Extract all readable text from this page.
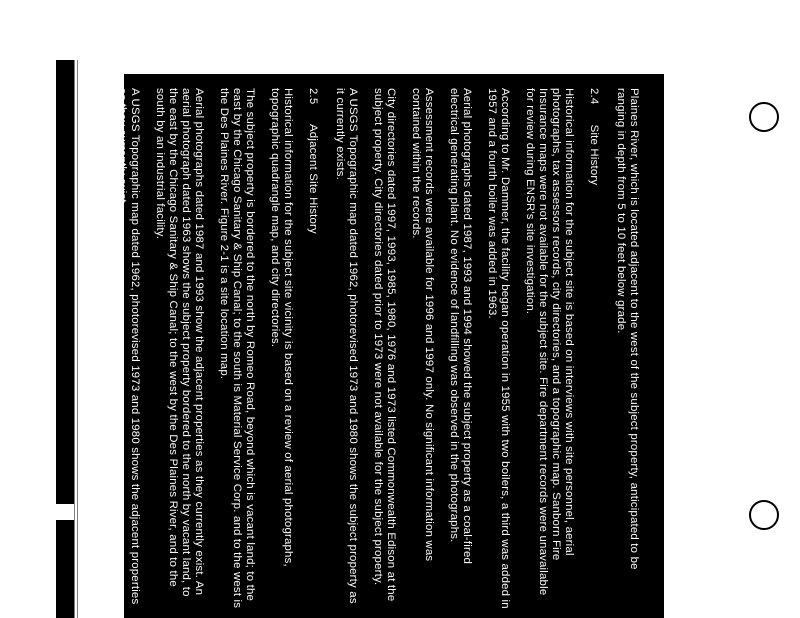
Plaines River, which is located adjacent to the west of the subject property, anticipated to be ranging in depth from 5 to 10 feet below grade.

2.4      Site History

Historical information for the subject site is based on interviews with site personnel, aerial photographs, tax assessors records, city directories, and a topographic map. Sanborn Fire Insurance maps were not available for the subject site. Fire department records were unavailable for review during ENSR's site investigation.

According to Mr. Dammer, the facility began operation in 1955 with two boilers, a third was added in 1957 and a fourth boiler was added in 1963.

Aerial photographs dated 1987, 1993 and 1994 showed the subject property as a coal-fired electrical generating plant. No evidence of landfilling was observed in the photographs.

Assessment records were available for 1996 and 1997 only. No significant information was contained within the records.

City directories dated 1997, 1993, 1985, 1980, 1976 and 1973 listed Commonwealth Edison at the subject property. City directories dated prior to 1973 were not available for the subject property.

A USGS Topographic map dated 1962, photorevised 1973 and 1980 shows the subject property as it currently exists.

2.5      Adjacent Site History

Historical information for the subject site vicinity is based on a review of aerial photographs, topographic quadrangle map, and city directories.

The subject property is bordered to the north by Romeo Road, beyond which is vacant land; to the east by the Chicago Sanitary & Ship Canal; to the south is Material Service Corp. and to the west is the Des Plaines River. Figure 2-1 is a site location map.

Aerial photographs dated 1987 and 1993 show the adjacent properties as they currently exist. An aerial photograph dated 1963 shows the subject property bordered to the north by vacant land, to the east by the Chicago Sanitary & Ship Canal; to the west by the Des Plaines River, and to the south by an industrial facility.

A USGS Topographic map dated 1962, photorevised 1973 and 1980 shows the adjacent properties as they currently exist.
